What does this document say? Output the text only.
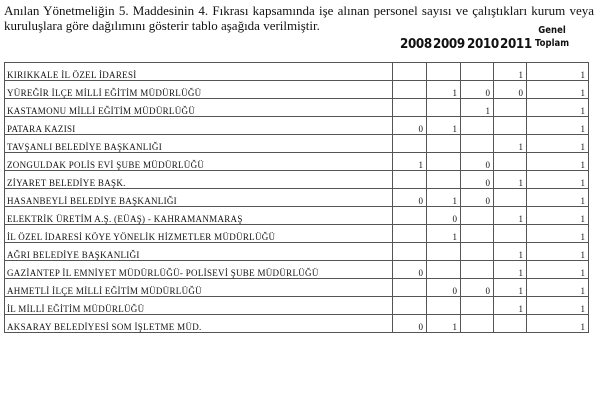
Anılan Yönetmeliğin 5. Maddesinin 4. Fıkrası kapsamında işe alınan personel sayısı ve çalıştıkları kurum veya kuruluşlara göre dağılımını gösterir tablo aşağıda verilmiştir.

2008 2009 2010 2011
Genel
Toplam
KIRIKKALE İL ÖZEL İDARESİ				1	1
YÜREĞİR İLÇE MİLLİ EĞİTİM MÜDÜRLÜĞÜ		1	0	0	1
KASTAMONU MİLLİ EĞİTİM MÜDÜRLÜĞÜ			1		1
PATARA KAZISI	0	1			1
TAVŞANLI BELEDİYE BAŞKANLIĞI				1	1
ZONGULDAK POLİS EVİ ŞUBE MÜDÜRLÜĞÜ	1		0		1
ZİYARET BELEDİYE BAŞK.			0	1	1
HASANBEYLİ BELEDİYE BAŞKANLIĞI	0	1	0		1
ELEKTRİK ÜRETİM A.Ş. (EÜAŞ) - KAHRAMANMARAŞ		0		1	1
İL ÖZEL İDARESİ KÖYE YÖNELİK HİZMETLER MÜDÜRLÜĞÜ		1			1
AĞRI BELEDİYE BAŞKANLIĞI				1	1
GAZİANTEP İL EMNİYET MÜDÜRLÜĞÜ- POLİSEVİ ŞUBE MÜDÜRLÜĞÜ	0			1	1
AHMETLİ İLÇE MİLLİ EĞİTİM MÜDÜRLÜĞÜ		0	0	1	1
İL MİLLİ EĞİTİM MÜDÜRLÜĞÜ				1	1
AKSARAY BELEDİYESİ SOM İŞLETME MÜD.	0	1			1
